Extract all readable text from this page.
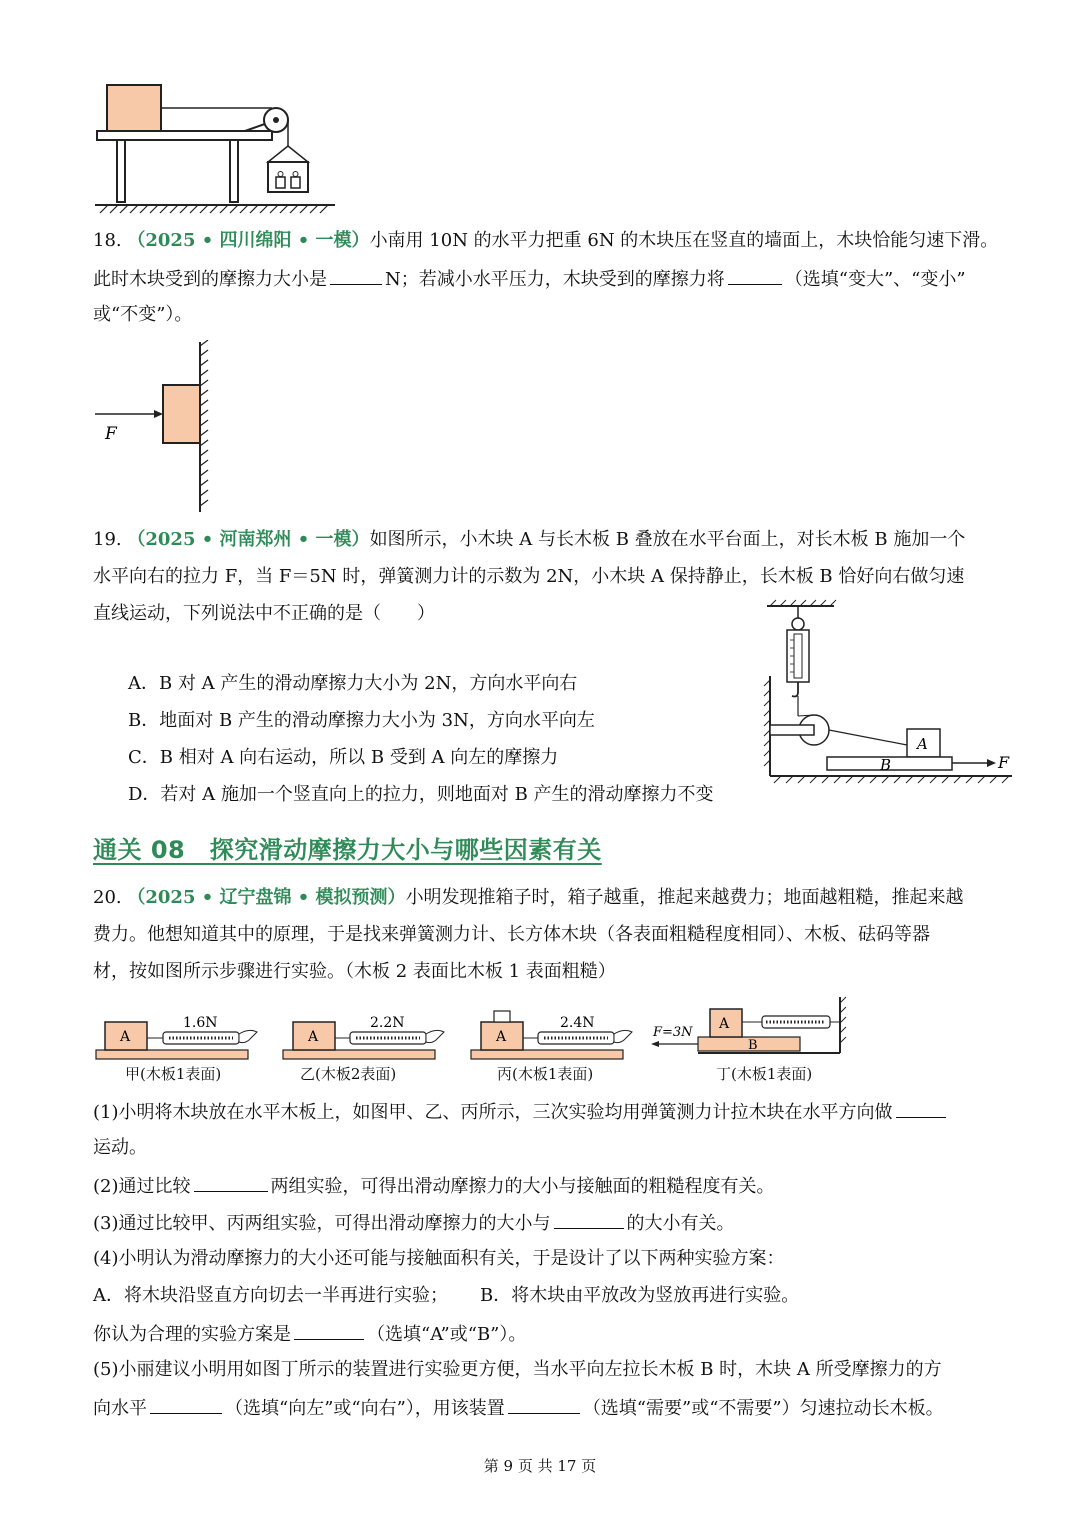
18. （2025 • 四川绵阳 • 一模）小南用 10N 的水平力把重 6N 的木块压在竖直的墙面上，木块恰能匀速下滑。
此时木块受到的摩擦力大小是	N；若减小水平压力，木块受到的摩擦力将	（选填“变大”、“变小”
或“不变”）。
F
19. （2025 • 河南郑州 • 一模）如图所示，小木块 A 与长木板 B 叠放在水平台面上，对长木板 B 施加一个
水平向右的拉力 F，当 F＝5N 时，弹簧测力计的示数为 2N，小木块 A 保持静止，长木板 B 恰好向右做匀速
直线运动，下列说法中不正确的是（　　）
A．B 对 A 产生的滑动摩擦力大小为 2N，方向水平向右
B．地面对 B 产生的滑动摩擦力大小为 3N，方向水平向左
C．B 相对 A 向右运动，所以 B 受到 A 向左的摩擦力
D．若对 A 施加一个竖直向上的拉力，则地面对 B 产生的滑动摩擦力不变
A
B	F
通关 08　探究滑动摩擦力大小与哪些因素有关
20. （2025 • 辽宁盘锦 • 模拟预测）小明发现推箱子时，箱子越重，推起来越费力；地面越粗糙，推起来越
费力。他想知道其中的原理，于是找来弹簧测力计、长方体木块（各表面粗糙程度相同）、木板、砝码等器
材，按如图所示步骤进行实验。（木板 2 表面比木板 1 表面粗糙）
A
1.6N
A
2.2N
A
2.4N
B
A
F=3N
甲(木板1表面)	乙(木板2表面)	丙(木板1表面)	丁(木板1表面)
(1)小明将木块放在水平木板上，如图甲、乙、丙所示，三次实验均用弹簧测力计拉木块在水平方向做
运动。
(2)通过比较	两组实验，可得出滑动摩擦力的大小与接触面的粗糙程度有关。
(3)通过比较甲、丙两组实验，可得出滑动摩擦力的大小与	的大小有关。
(4)小明认为滑动摩擦力的大小还可能与接触面积有关，于是设计了以下两种实验方案：
A．将木块沿竖直方向切去一半再进行实验； B．将木块由平放改为竖放再进行实验。
你认为合理的实验方案是	（选填“A”或“B”）。
(5)小丽建议小明用如图丁所示的装置进行实验更方便，当水平向左拉长木板 B 时，木块 A 所受摩擦力的方
向水平	（选填“向左”或“向右”），用该装置	（选填“需要”或“不需要”）匀速拉动长木板。
第 9 页 共 17 页
